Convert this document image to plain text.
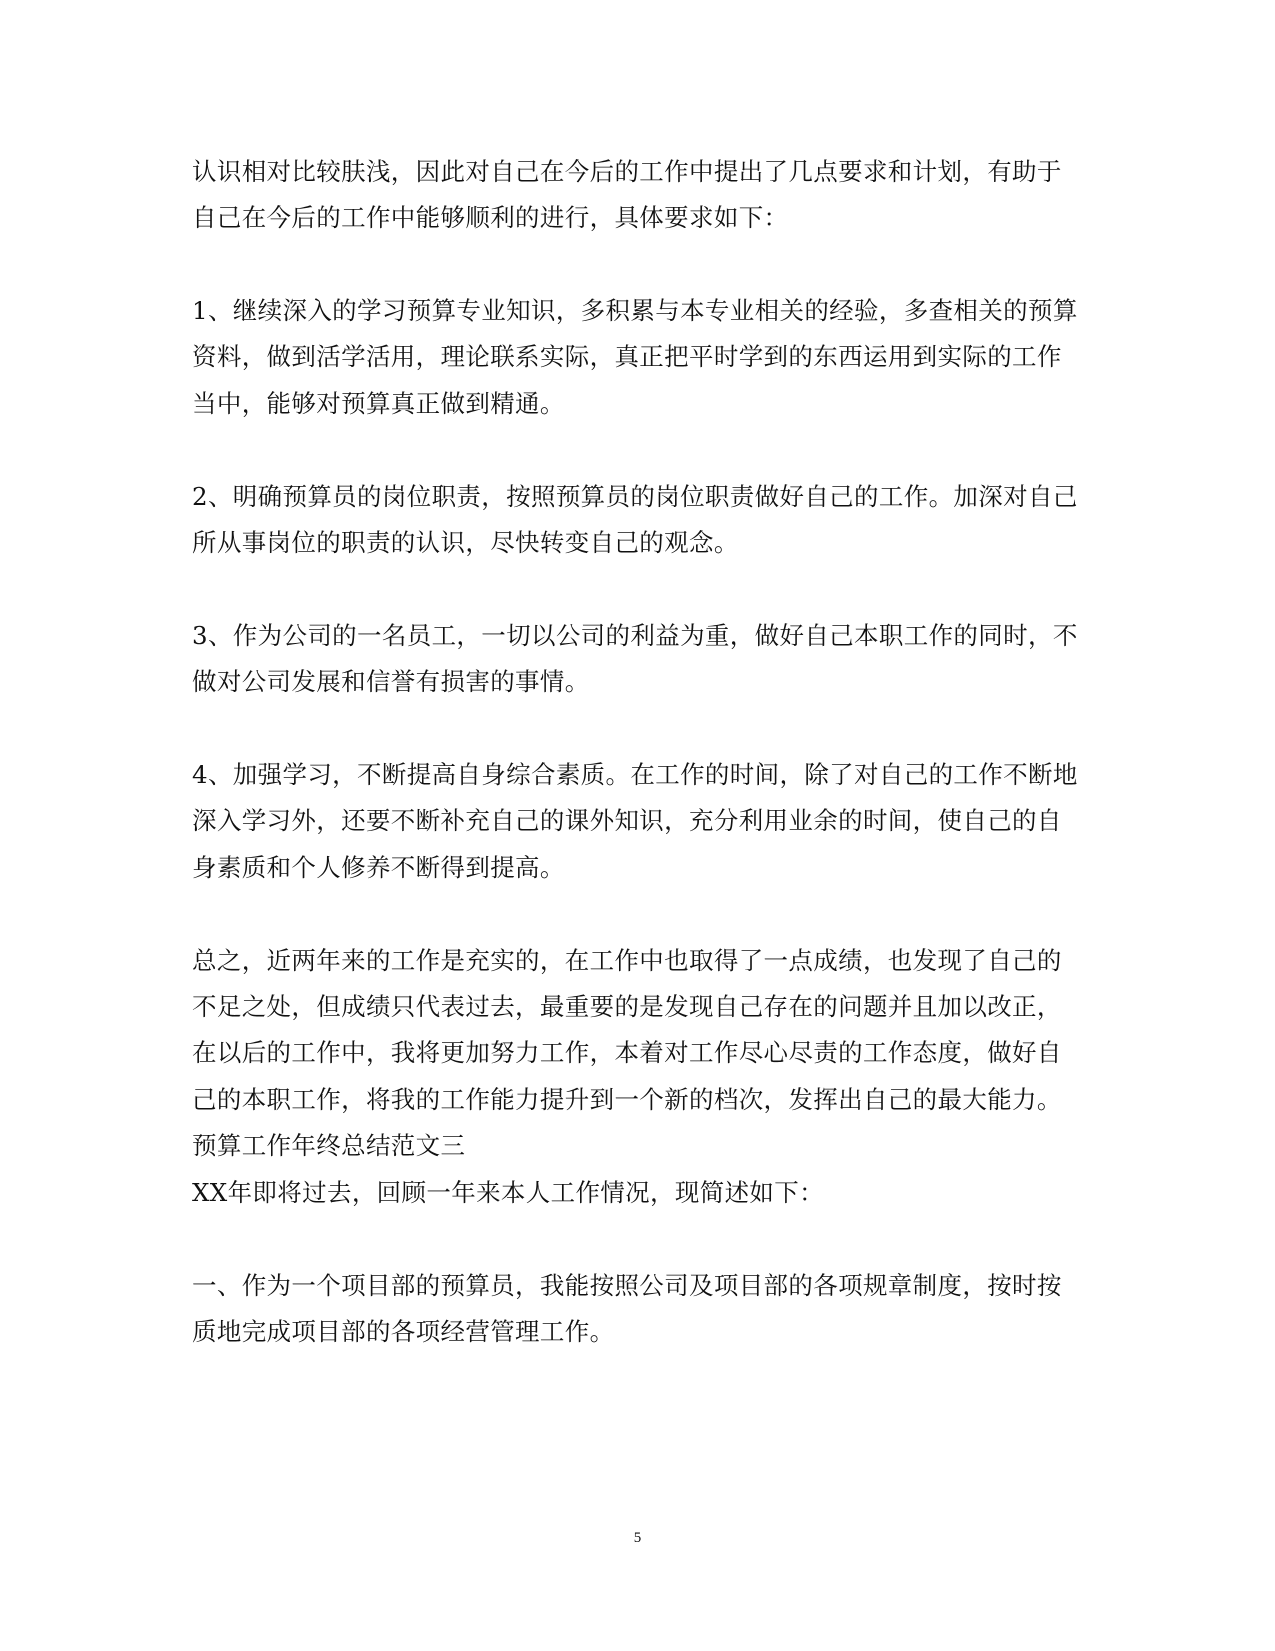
认识相对比较肤浅，因此对自己在今后的工作中提出了几点要求和计划，有助于
自己在今后的工作中能够顺利的进行，具体要求如下：
1、继续深入的学习预算专业知识，多积累与本专业相关的经验，多查相关的预算
资料，做到活学活用，理论联系实际，真正把平时学到的东西运用到实际的工作
当中，能够对预算真正做到精通。
2、明确预算员的岗位职责，按照预算员的岗位职责做好自己的工作。加深对自己
所从事岗位的职责的认识，尽快转变自己的观念。
3、作为公司的一名员工，一切以公司的利益为重，做好自己本职工作的同时，不
做对公司发展和信誉有损害的事情。
4、加强学习，不断提高自身综合素质。在工作的时间，除了对自己的工作不断地
深入学习外，还要不断补充自己的课外知识，充分利用业余的时间，使自己的自
身素质和个人修养不断得到提高。
总之，近两年来的工作是充实的，在工作中也取得了一点成绩，也发现了自己的
不足之处，但成绩只代表过去，最重要的是发现自己存在的问题并且加以改正，
在以后的工作中，我将更加努力工作，本着对工作尽心尽责的工作态度，做好自
己的本职工作，将我的工作能力提升到一个新的档次，发挥出自己的最大能力。
预算工作年终总结范文三
XX年即将过去，回顾一年来本人工作情况，现简述如下：
一、作为一个项目部的预算员，我能按照公司及项目部的各项规章制度，按时按
质地完成项目部的各项经营管理工作。
5
